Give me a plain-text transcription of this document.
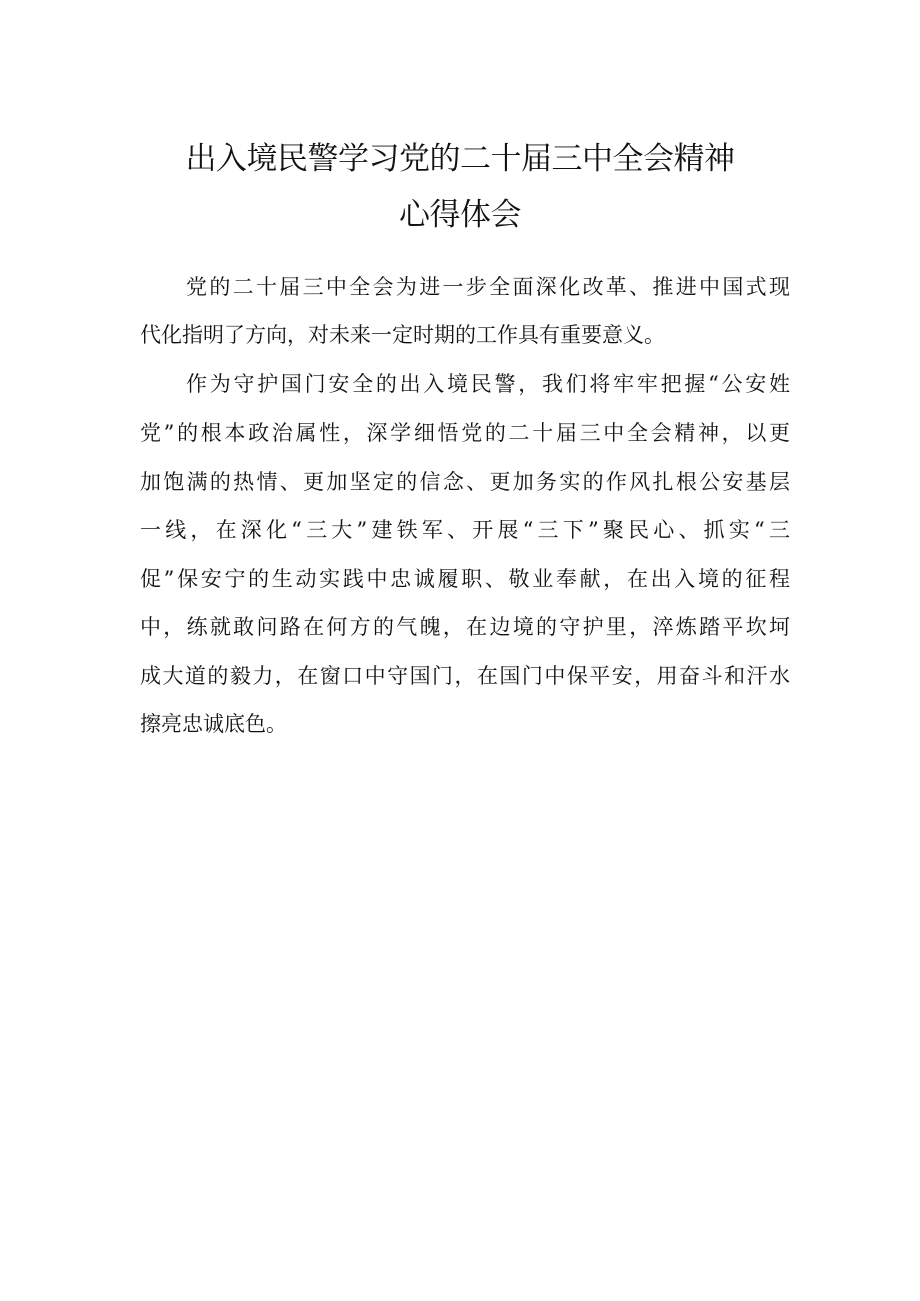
出入境民警学习党的二十届三中全会精神
心得体会
党的二十届三中全会为进一步全面深化改革、推进中国式现
代化指明了方向，对未来一定时期的工作具有重要意义。
作为守护国门安全的出入境民警，我们将牢牢把握“公安姓
党”的根本政治属性，深学细悟党的二十届三中全会精神，以更
加饱满的热情、更加坚定的信念、更加务实的作风扎根公安基层
一线，在深化“三大”建铁军、开展“三下”聚民心、抓实“三
促”保安宁的生动实践中忠诚履职、敬业奉献，在出入境的征程
中，练就敢问路在何方的气魄，在边境的守护里，淬炼踏平坎坷
成大道的毅力，在窗口中守国门，在国门中保平安，用奋斗和汗水
擦亮忠诚底色。
